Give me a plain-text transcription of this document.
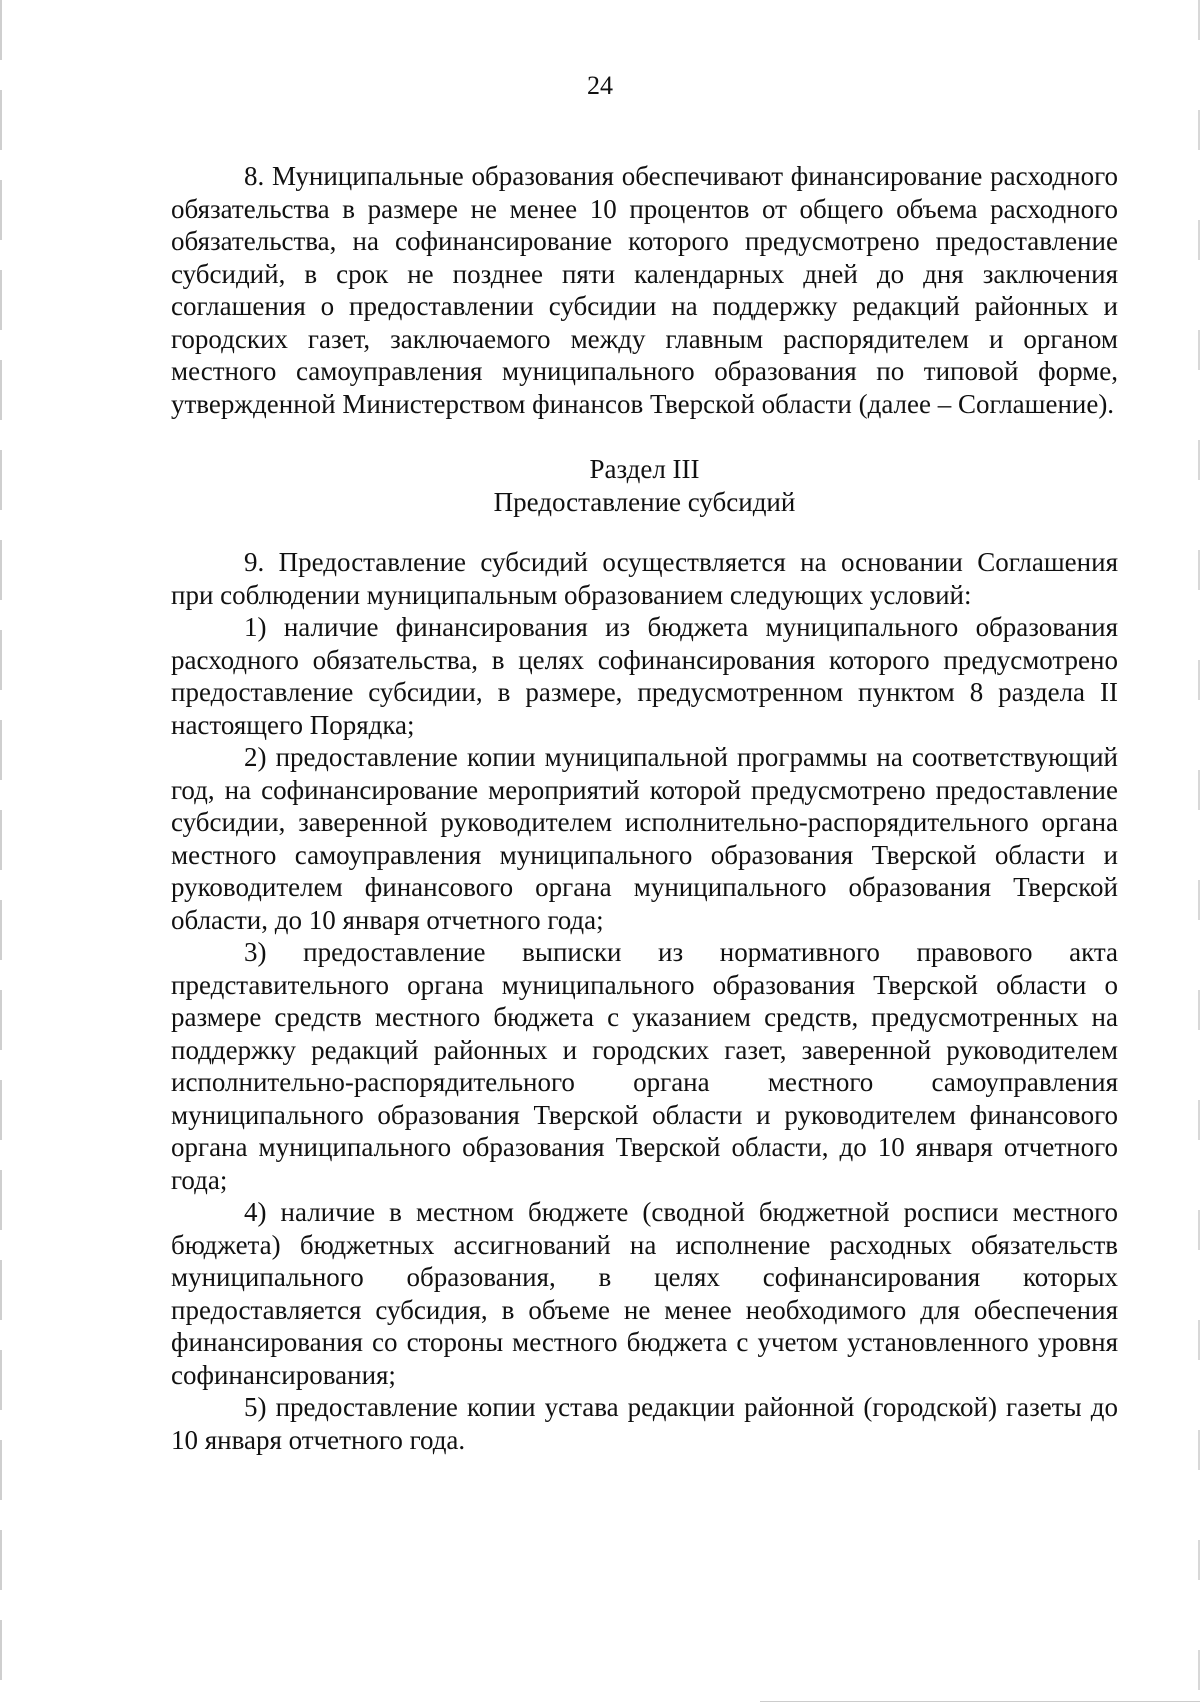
24

8. Муниципальные образования обеспечивают финансирование расходного обязательства в размере не менее 10 процентов от общего объема расходного обязательства, на софинансирование которого предусмотрено предоставление субсидий, в срок не позднее пяти календарных дней до дня заключения соглашения о предоставлении субсидии на поддержку редакций районных и городских газет, заключаемого между главным распорядителем и органом местного самоуправления муниципального образования по типовой форме, утвержденной Министерством финансов Тверской области (далее – Соглашение).

Раздел III

Предоставление субсидий

9. Предоставление субсидий осуществляется на основании Соглашения при соблюдении муниципальным образованием следующих условий:

1) наличие финансирования из бюджета муниципального образования расходного обязательства, в целях софинансирования которого предусмотрено предоставление субсидии, в размере, предусмотренном пунктом 8 раздела II настоящего Порядка;

2) предоставление копии муниципальной программы на соответствующий год, на софинансирование мероприятий которой предусмотрено предоставление субсидии, заверенной руководителем исполнительно-распорядительного органа местного самоуправления муниципального образования Тверской области и руководителем финансового органа муниципального образования Тверской области, до 10 января отчетного года;

3) предоставление выписки из нормативного правового акта представительного органа муниципального образования Тверской области о размере средств местного бюджета с указанием средств, предусмотренных на поддержку редакций районных и городских газет, заверенной руководителем исполнительно-распорядительного органа местного самоуправления муниципального образования Тверской области и руководителем финансового органа муниципального образования Тверской области, до 10 января отчетного года;

4) наличие в местном бюджете (сводной бюджетной росписи местного бюджета) бюджетных ассигнований на исполнение расходных обязательств муниципального образования, в целях софинансирования которых предоставляется субсидия, в объеме не менее необходимого для обеспечения финансирования со стороны местного бюджета с учетом установленного уровня софинансирования;

5) предоставление копии устава редакции районной (городской) газеты до 10 января отчетного года.
